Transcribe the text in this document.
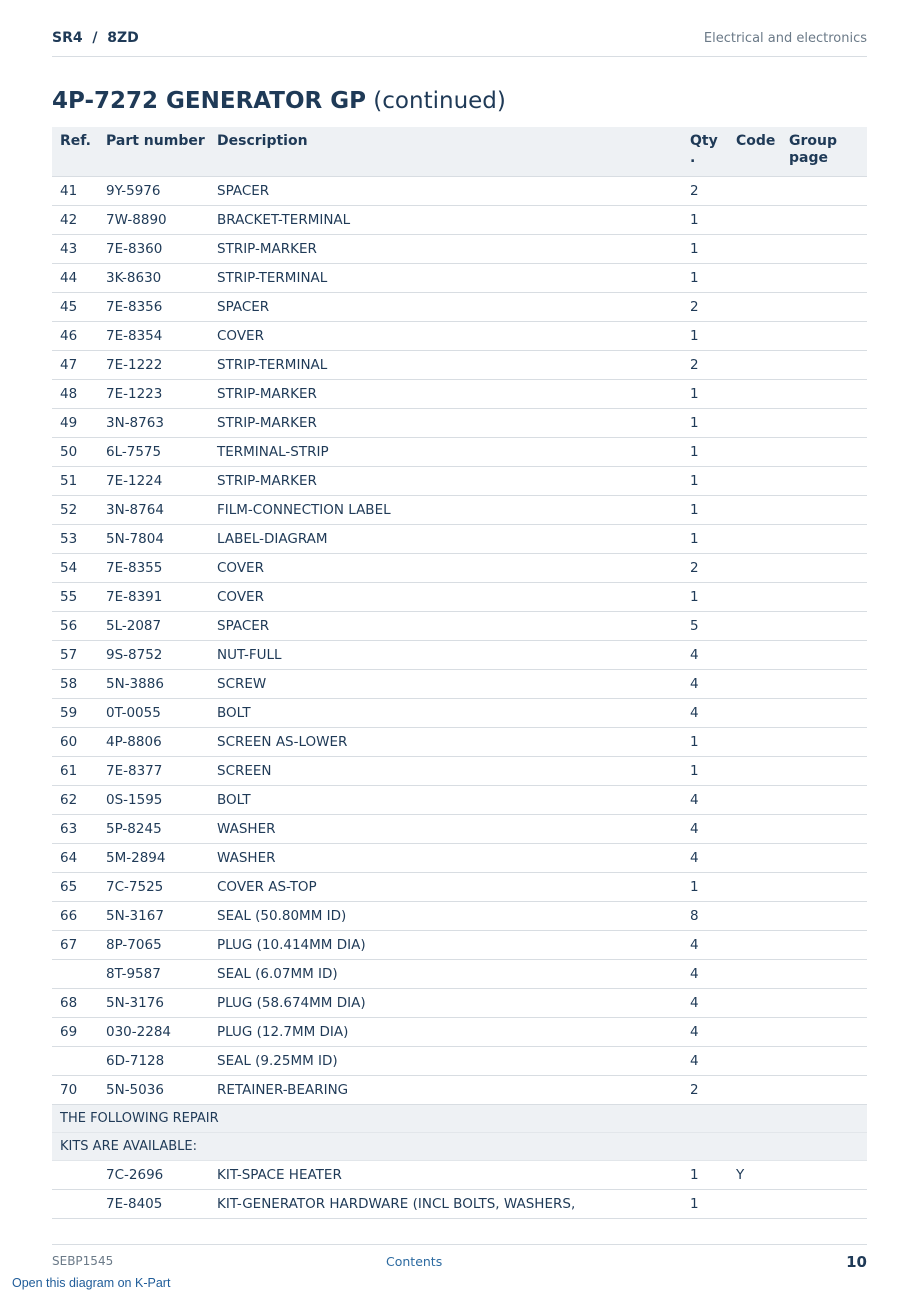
SR4  /  8ZD	Electrical and electronics
4P-7272 GENERATOR GP (continued)
Ref.	Part number	Description	Qty .	Code	Group page
41	9Y-5976	SPACER	2		
42	7W-8890	BRACKET-TERMINAL	1		
43	7E-8360	STRIP-MARKER	1		
44	3K-8630	STRIP-TERMINAL	1		
45	7E-8356	SPACER	2		
46	7E-8354	COVER	1		
47	7E-1222	STRIP-TERMINAL	2		
48	7E-1223	STRIP-MARKER	1		
49	3N-8763	STRIP-MARKER	1		
50	6L-7575	TERMINAL-STRIP	1		
51	7E-1224	STRIP-MARKER	1		
52	3N-8764	FILM-CONNECTION LABEL	1		
53	5N-7804	LABEL-DIAGRAM	1		
54	7E-8355	COVER	2		
55	7E-8391	COVER	1		
56	5L-2087	SPACER	5		
57	9S-8752	NUT-FULL	4		
58	5N-3886	SCREW	4		
59	0T-0055	BOLT	4		
60	4P-8806	SCREEN AS-LOWER	1		
61	7E-8377	SCREEN	1		
62	0S-1595	BOLT	4		
63	5P-8245	WASHER	4		
64	5M-2894	WASHER	4		
65	7C-7525	COVER AS-TOP	1		
66	5N-3167	SEAL (50.80MM ID)	8		
67	8P-7065	PLUG (10.414MM DIA)	4		
	8T-9587	SEAL (6.07MM ID)	4		
68	5N-3176	PLUG (58.674MM DIA)	4		
69	030-2284	PLUG (12.7MM DIA)	4		
	6D-7128	SEAL (9.25MM ID)	4		
70	5N-5036	RETAINER-BEARING	2		
THE FOLLOWING REPAIR					
KITS ARE AVAILABLE:					
	7C-2696	KIT-SPACE HEATER	1	Y	
	7E-8405	KIT-GENERATOR HARDWARE (INCL BOLTS, WASHERS,	1		
SEBP1545	Contents	10
Open this diagram on K-Part
